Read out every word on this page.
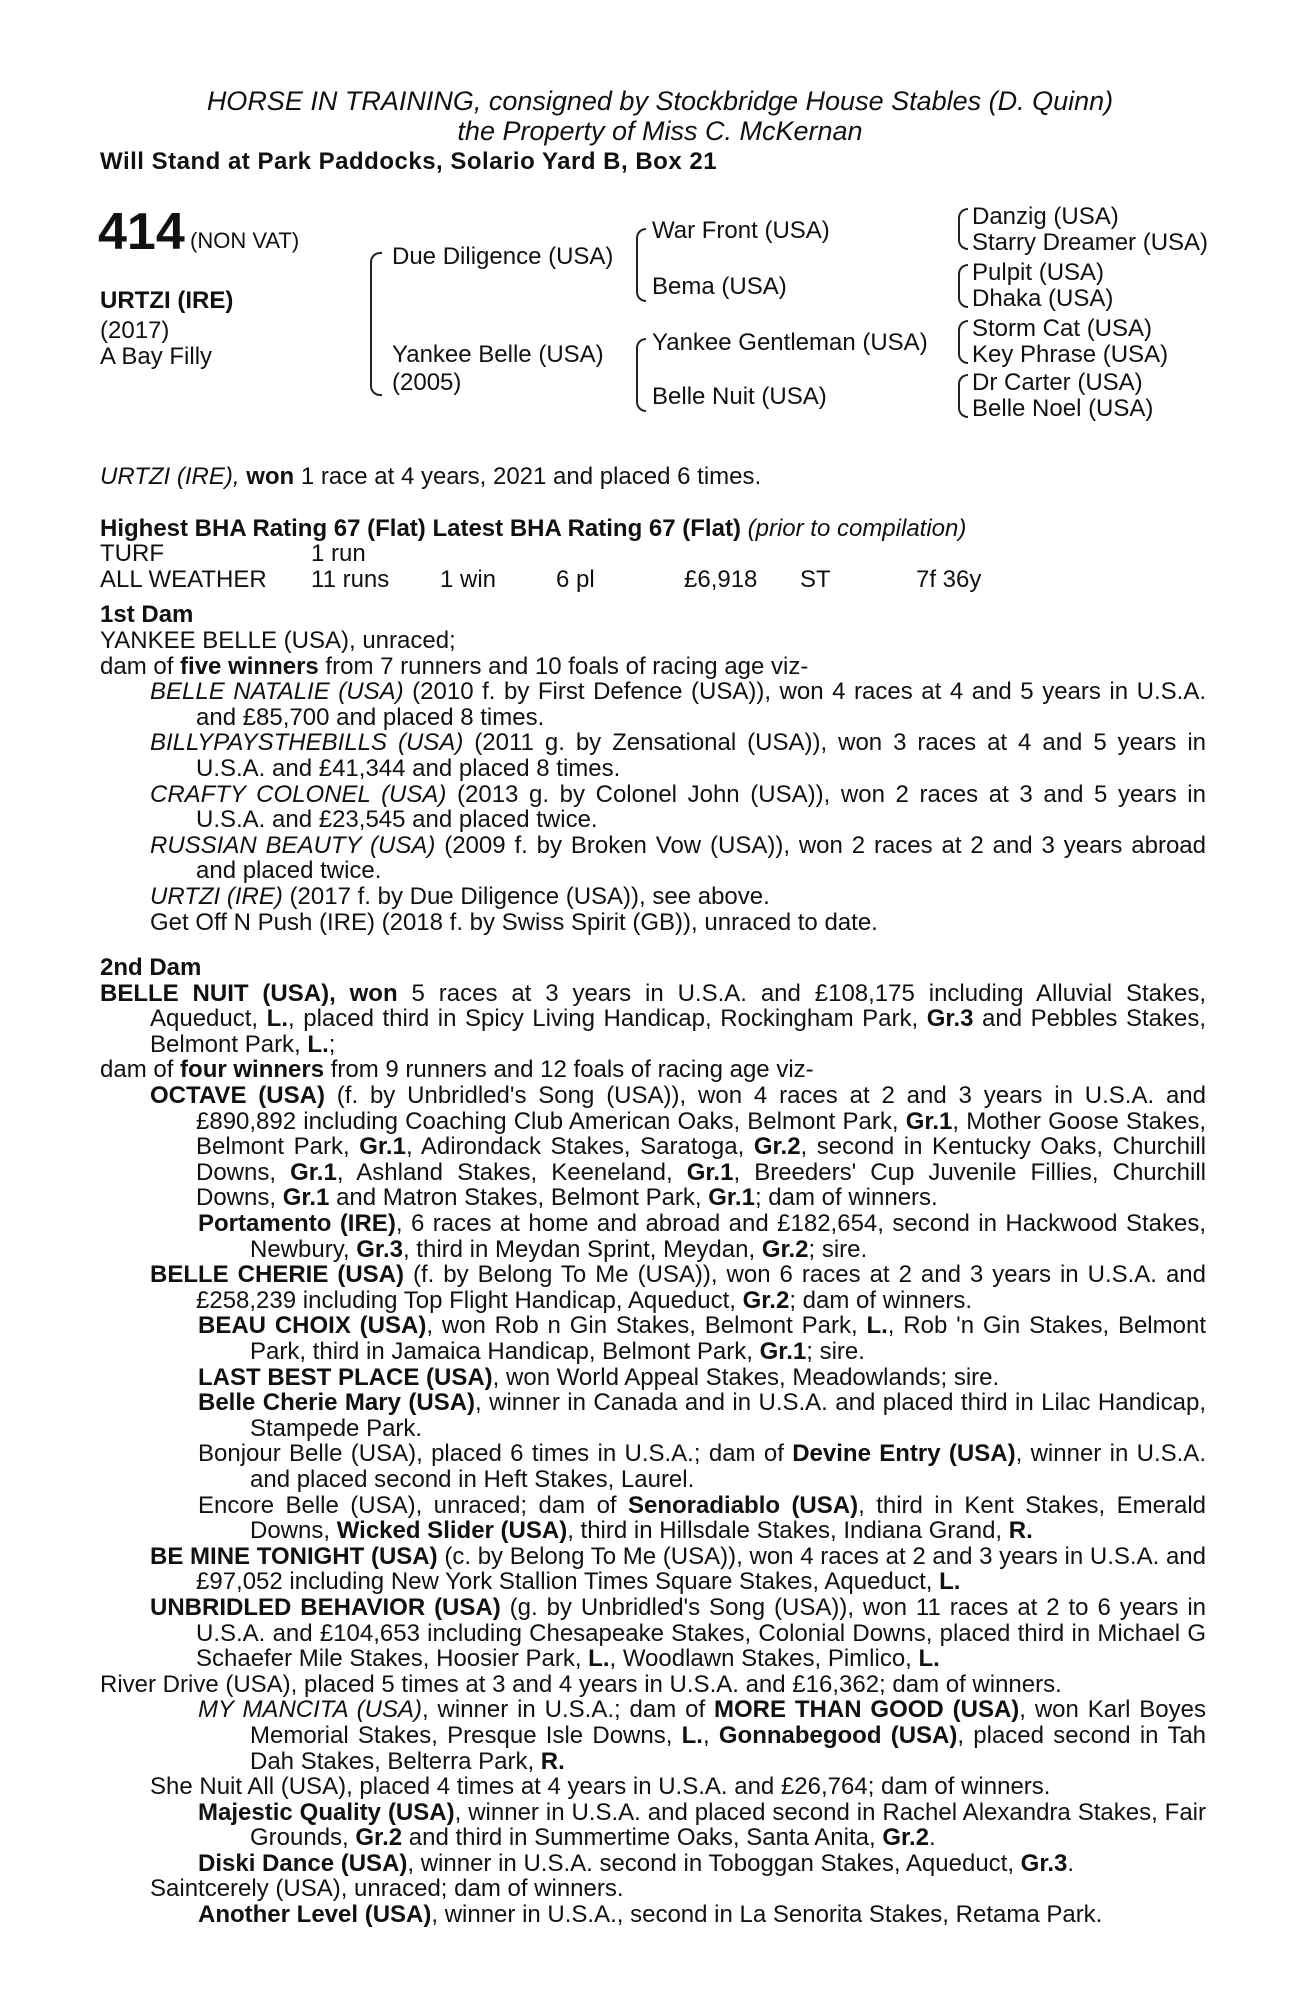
HORSE IN TRAINING, consigned by Stockbridge House Stables (D. Quinn)
the Property of Miss C. McKernan
Will Stand at Park Paddocks, Solario Yard B, Box 21
414 (NON VAT)
URTZI (IRE)
(2017)
A Bay Filly
Due Diligence (USA)
Yankee Belle (USA)
(2005)
War Front (USA)
Bema (USA)
Yankee Gentleman (USA)
Belle Nuit (USA)
Danzig (USA)
Starry Dreamer (USA)
Pulpit (USA)
Dhaka (USA)
Storm Cat (USA)
Key Phrase (USA)
Dr Carter (USA)
Belle Noel (USA)

URTZI (IRE), won 1 race at 4 years, 2021 and placed 6 times.

Highest BHA Rating 67 (Flat) Latest BHA Rating 67 (Flat) (prior to compilation)

TURF	1 run
ALL WEATHER 11 runs 1 win 6 pl	£6,918 ST	7f 36y

1st Dam

YANKEE BELLE (USA), unraced;

dam of five winners from 7 runners and 10 foals of racing age viz-

BELLE NATALIE (USA) (2010 f. by First Defence (USA)), won 4 races at 4 and 5 years in U.S.A. and £85,700 and placed 8 times.

BILLYPAYSTHEBILLS (USA) (2011 g. by Zensational (USA)), won 3 races at 4 and 5 years in U.S.A. and £41,344 and placed 8 times.

CRAFTY COLONEL (USA) (2013 g. by Colonel John (USA)), won 2 races at 3 and 5 years in U.S.A. and £23,545 and placed twice.

RUSSIAN BEAUTY (USA) (2009 f. by Broken Vow (USA)), won 2 races at 2 and 3 years abroad and placed twice.

URTZI (IRE) (2017 f. by Due Diligence (USA)), see above.

Get Off N Push (IRE) (2018 f. by Swiss Spirit (GB)), unraced to date.

2nd Dam

BELLE NUIT (USA), won 5 races at 3 years in U.S.A. and £108,175 including Alluvial Stakes, Aqueduct, L., placed third in Spicy Living Handicap, Rockingham Park, Gr.3 and Pebbles Stakes, Belmont Park, L.;

dam of four winners from 9 runners and 12 foals of racing age viz-

OCTAVE (USA) (f. by Unbridled's Song (USA)), won 4 races at 2 and 3 years in U.S.A. and £890,892 including Coaching Club American Oaks, Belmont Park, Gr.1, Mother Goose Stakes, Belmont Park, Gr.1, Adirondack Stakes, Saratoga, Gr.2, second in Kentucky Oaks, Churchill Downs, Gr.1, Ashland Stakes, Keeneland, Gr.1, Breeders' Cup Juvenile Fillies, Churchill Downs, Gr.1 and Matron Stakes, Belmont Park, Gr.1; dam of winners.

Portamento (IRE), 6 races at home and abroad and £182,654, second in Hackwood Stakes, Newbury, Gr.3, third in Meydan Sprint, Meydan, Gr.2; sire.

BELLE CHERIE (USA) (f. by Belong To Me (USA)), won 6 races at 2 and 3 years in U.S.A. and £258,239 including Top Flight Handicap, Aqueduct, Gr.2; dam of winners.

BEAU CHOIX (USA), won Rob n Gin Stakes, Belmont Park, L., Rob 'n Gin Stakes, Belmont Park, third in Jamaica Handicap, Belmont Park, Gr.1; sire.

LAST BEST PLACE (USA), won World Appeal Stakes, Meadowlands; sire.

Belle Cherie Mary (USA), winner in Canada and in U.S.A. and placed third in Lilac Handicap, Stampede Park.

Bonjour Belle (USA), placed 6 times in U.S.A.; dam of Devine Entry (USA), winner in U.S.A. and placed second in Heft Stakes, Laurel.

Encore Belle (USA), unraced; dam of Senoradiablo (USA), third in Kent Stakes, Emerald Downs, Wicked Slider (USA), third in Hillsdale Stakes, Indiana Grand, R.

BE MINE TONIGHT (USA) (c. by Belong To Me (USA)), won 4 races at 2 and 3 years in U.S.A. and £97,052 including New York Stallion Times Square Stakes, Aqueduct, L.

UNBRIDLED BEHAVIOR (USA) (g. by Unbridled's Song (USA)), won 11 races at 2 to 6 years in U.S.A. and £104,653 including Chesapeake Stakes, Colonial Downs, placed third in Michael G Schaefer Mile Stakes, Hoosier Park, L., Woodlawn Stakes, Pimlico, L.

River Drive (USA), placed 5 times at 3 and 4 years in U.S.A. and £16,362; dam of winners.

MY MANCITA (USA), winner in U.S.A.; dam of MORE THAN GOOD (USA), won Karl Boyes Memorial Stakes, Presque Isle Downs, L., Gonnabegood (USA), placed second in Tah Dah Stakes, Belterra Park, R.

She Nuit All (USA), placed 4 times at 4 years in U.S.A. and £26,764; dam of winners.

Majestic Quality (USA), winner in U.S.A. and placed second in Rachel Alexandra Stakes, Fair Grounds, Gr.2 and third in Summertime Oaks, Santa Anita, Gr.2.

Diski Dance (USA), winner in U.S.A. second in Toboggan Stakes, Aqueduct, Gr.3.

Saintcerely (USA), unraced; dam of winners.

Another Level (USA), winner in U.S.A., second in La Senorita Stakes, Retama Park.
